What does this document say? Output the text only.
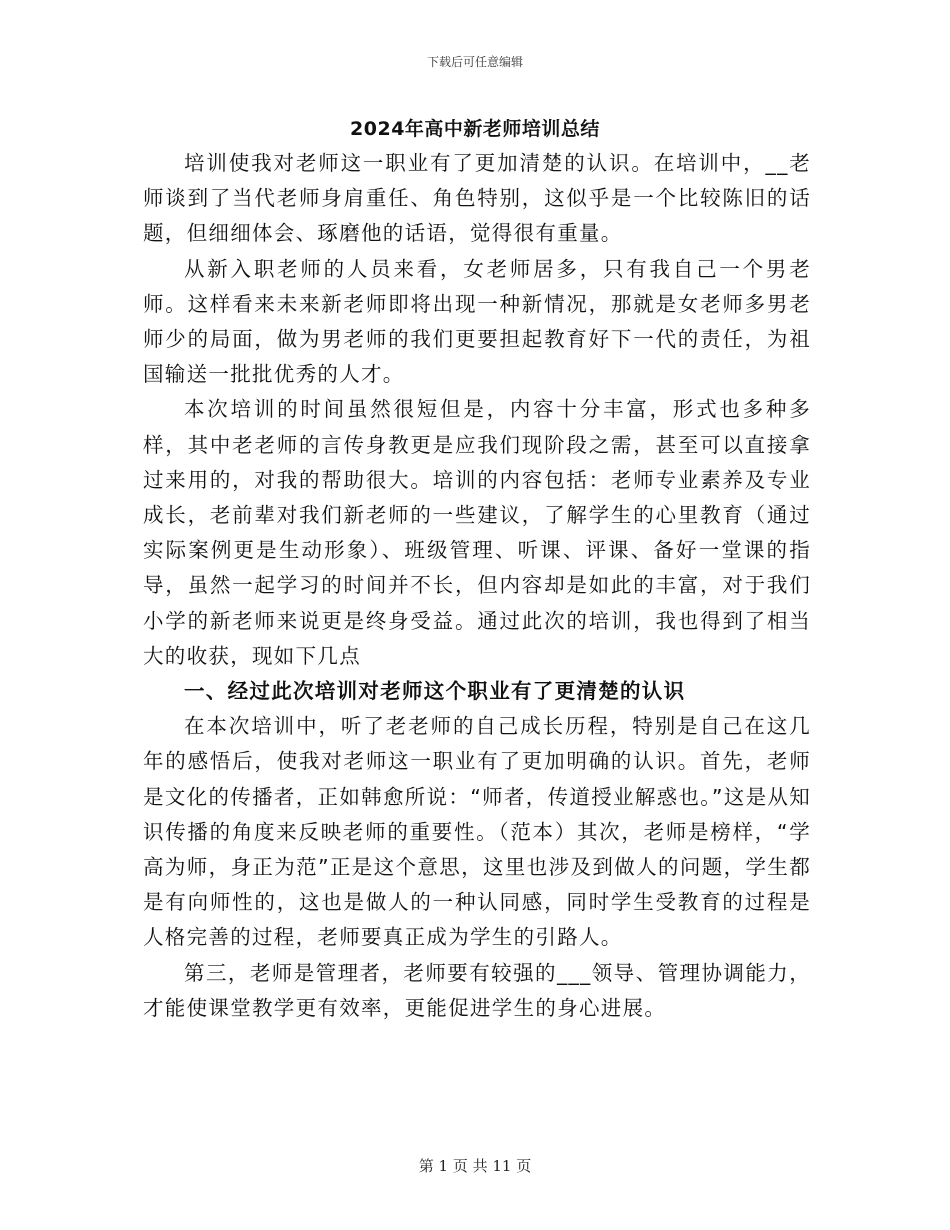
下载后可任意编辑
2024年高中新老师培训总结

培训使我对老师这一职业有了更加清楚的认识。在培训中，__老师谈到了当代老师身肩重任、角色特别，这似乎是一个比较陈旧的话题，但细细体会、琢磨他的话语，觉得很有重量。

从新入职老师的人员来看，女老师居多，只有我自己一个男老师。这样看来未来新老师即将出现一种新情况，那就是女老师多男老师少的局面，做为男老师的我们更要担起教育好下一代的责任，为祖国输送一批批优秀的人才。

本次培训的时间虽然很短但是，内容十分丰富，形式也多种多样，其中老老师的言传身教更是应我们现阶段之需，甚至可以直接拿过来用的，对我的帮助很大。培训的内容包括：老师专业素养及专业成长，老前辈对我们新老师的一些建议，了解学生的心里教育（通过实际案例更是生动形象）、班级管理、听课、评课、备好一堂课的指导，虽然一起学习的时间并不长，但内容却是如此的丰富，对于我们小学的新老师来说更是终身受益。通过此次的培训，我也得到了相当大的收获，现如下几点

一、经过此次培训对老师这个职业有了更清楚的认识

在本次培训中，听了老老师的自己成长历程，特别是自己在这几年的感悟后，使我对老师这一职业有了更加明确的认识。首先，老师是文化的传播者，正如韩愈所说：“师者，传道授业解惑也。”这是从知识传播的角度来反映老师的重要性。（范本）其次，老师是榜样，“学高为师，身正为范”正是这个意思，这里也涉及到做人的问题，学生都是有向师性的，这也是做人的一种认同感，同时学生受教育的过程是人格完善的过程，老师要真正成为学生的引路人。

第三，老师是管理者，老师要有较强的___领导、管理协调能力，才能使课堂教学更有效率，更能促进学生的身心进展。

第 1 页 共 11 页
